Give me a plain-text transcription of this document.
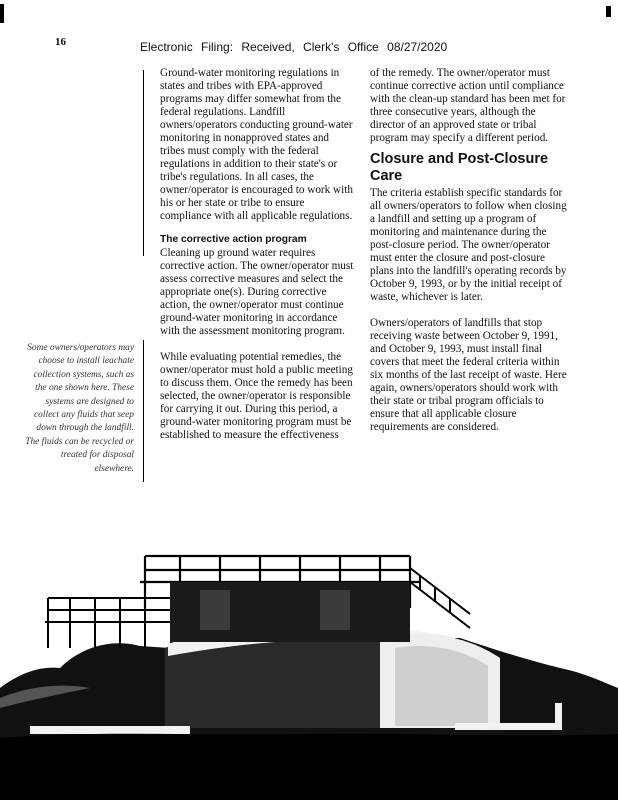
16	Electronic Filing: Received, Clerk's Office 08/27/2020

Ground-water monitoring regulations in states and tribes with EPA-approved programs may differ somewhat from the federal regulations. Landfill owners/operators conducting ground-water monitoring in nonapproved states and tribes must comply with the federal regulations in addition to their state's or tribe's regulations. In all cases, the owner/operator is encouraged to work with his or her state or tribe to ensure compliance with all applicable regulations.

The corrective action program

Cleaning up ground water requires corrective action. The owner/operator must assess corrective measures and select the appropriate one(s). During corrective action, the owner/operator must continue ground-water monitoring in accordance with the assessment monitoring program.

While evaluating potential remedies, the owner/operator must hold a public meeting to discuss them. Once the remedy has been selected, the owner/operator is responsible for carrying it out. During this period, a ground-water monitoring program must be established to measure the effectiveness

Some owners/operators may choose to install leachate collection systems, such as the one shown here. These systems are designed to collect any fluids that seep down through the landfill. The fluids can be recycled or treated for disposal elsewhere.

of the remedy. The owner/operator must continue corrective action until compliance with the clean-up standard has been met for three consecutive years, although the director of an approved state or tribal program may specify a different period.

Closure and Post-Closure Care

The criteria establish specific standards for all owners/operators to follow when closing a landfill and setting up a program of monitoring and maintenance during the post-closure period. The owner/operator must enter the closure and post-closure plans into the landfill's operating records by October 9, 1993, or by the initial receipt of waste, whichever is later.

Owners/operators of landfills that stop receiving waste between October 9, 1991, and October 9, 1993, must install final covers that meet the federal criteria within six months of the last receipt of waste. Here again, owners/operators should work with their state or tribal program officials to ensure that all applicable closure requirements are considered.
